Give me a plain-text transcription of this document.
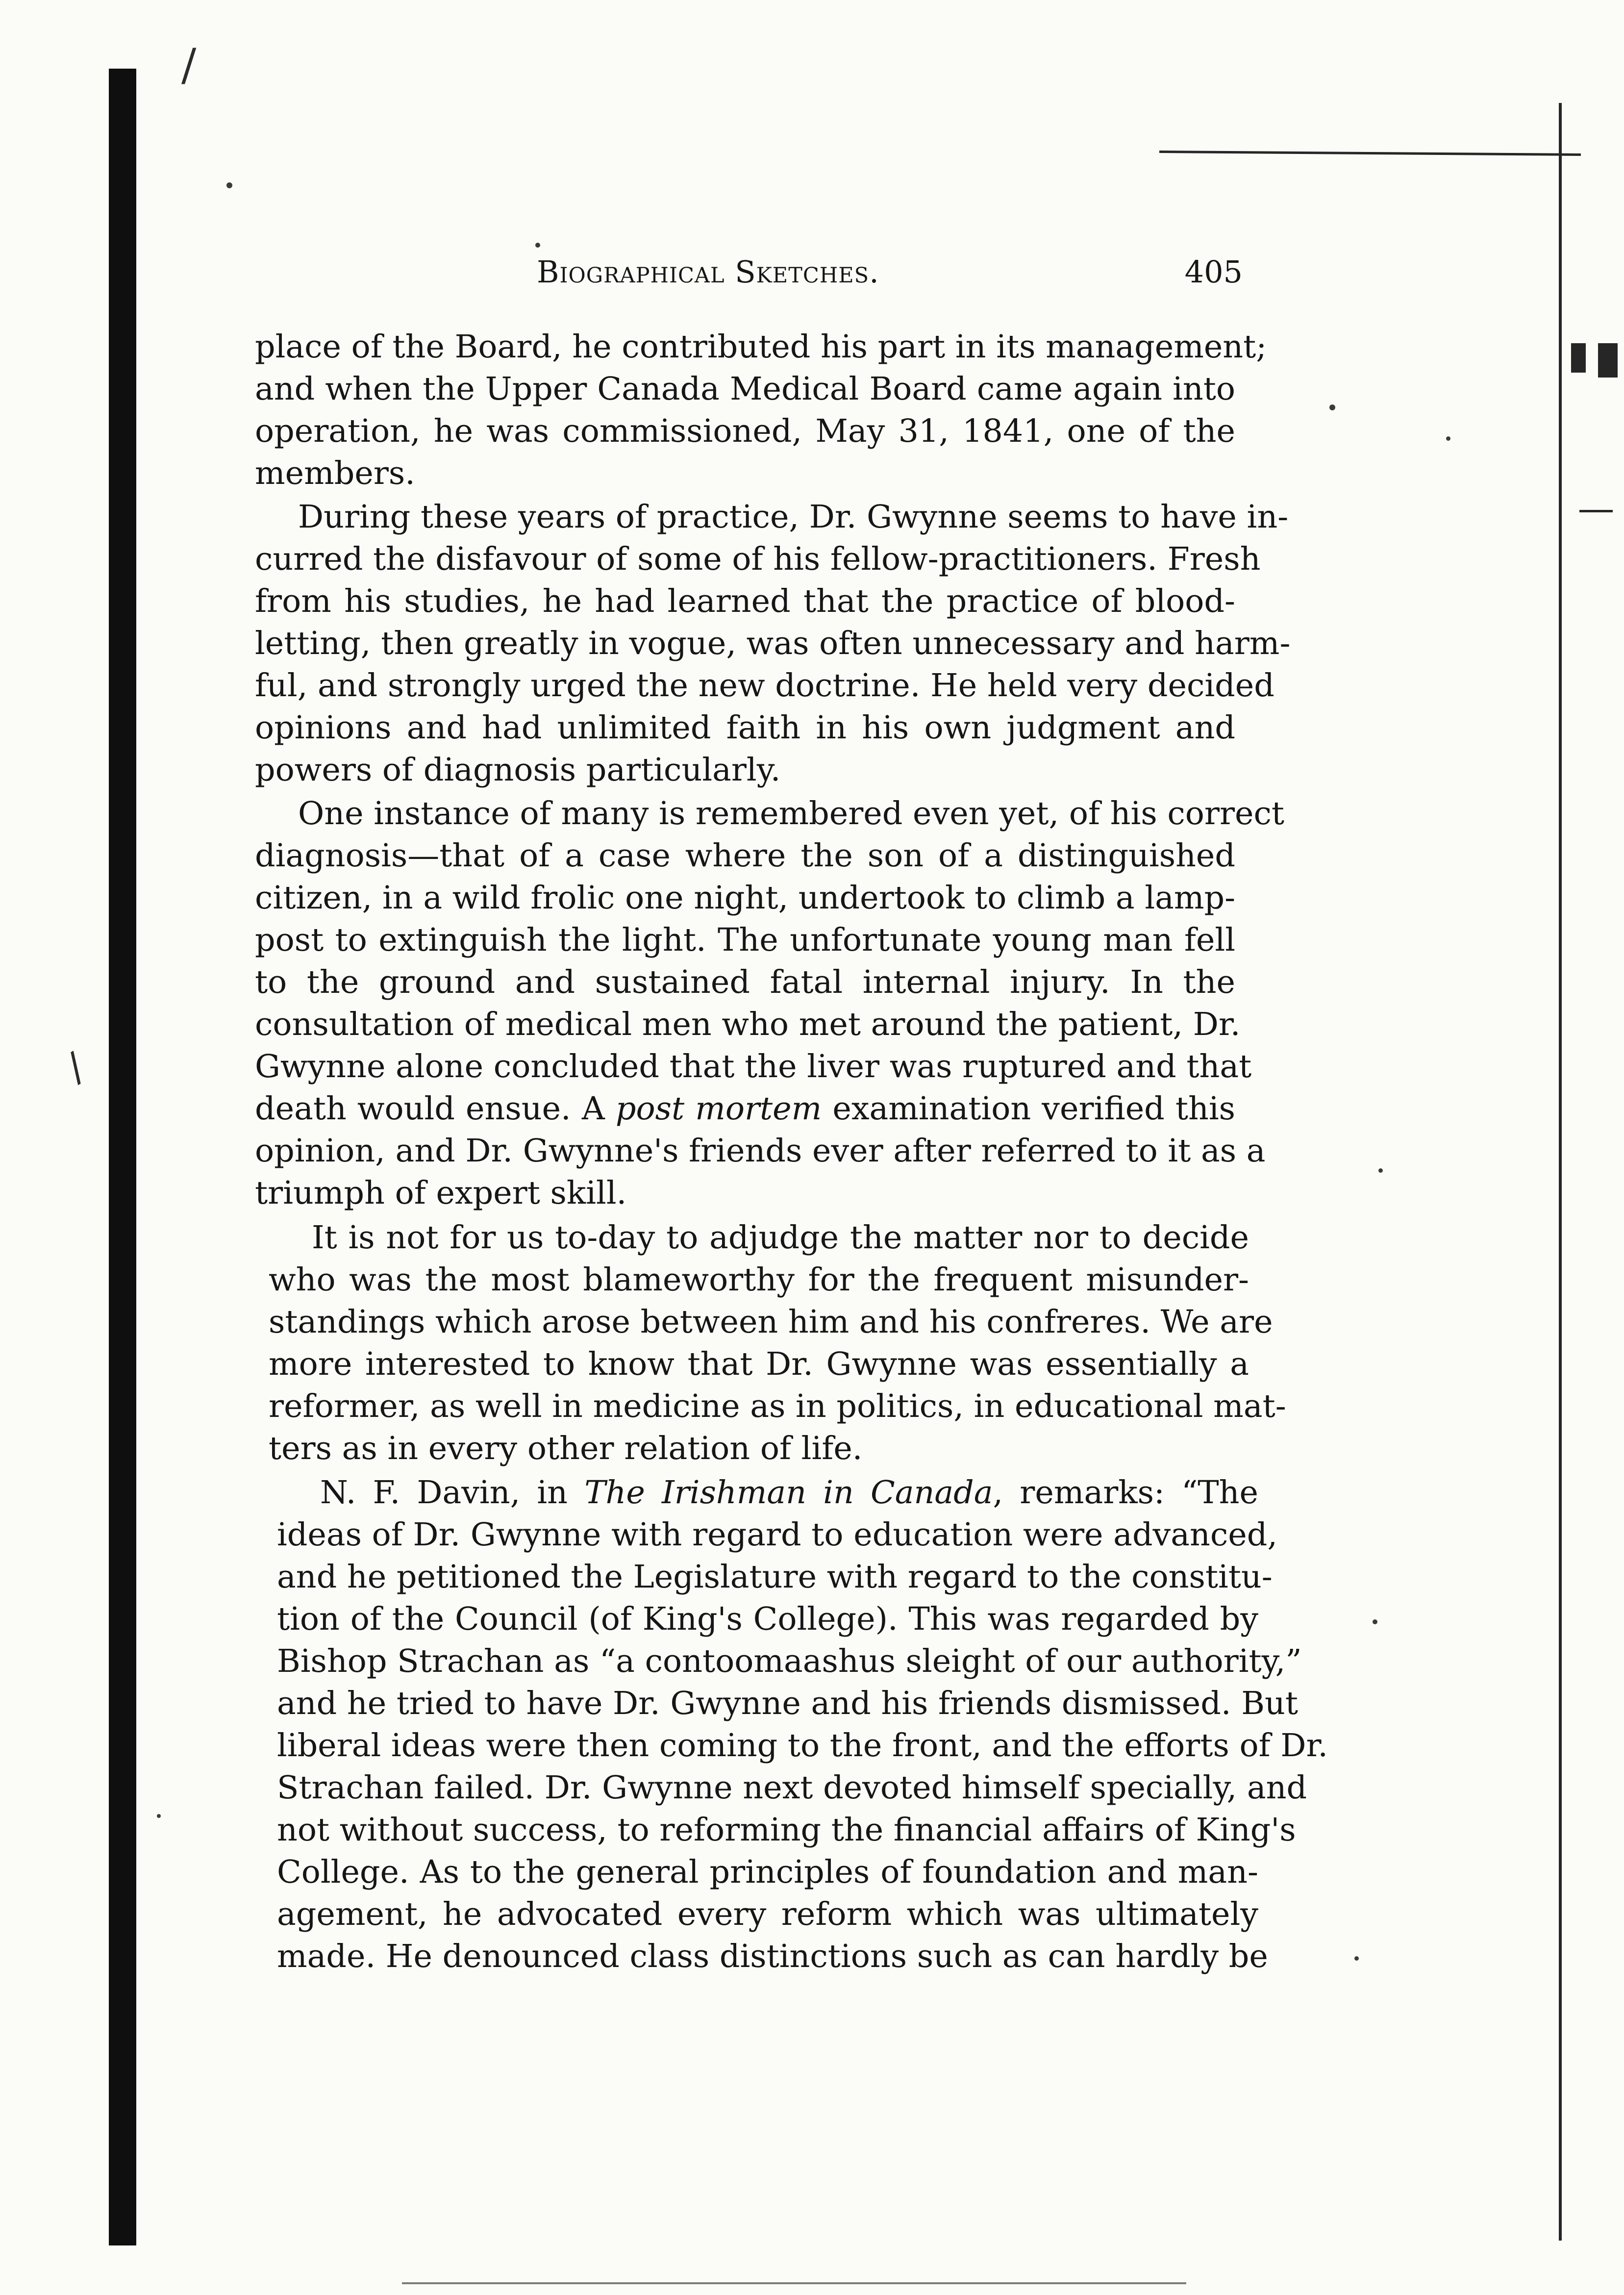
/
/
Biographical Sketches.	405
place of the Board, he contributed his part in its management;
and when the Upper Canada Medical Board came again into
operation, he was commissioned, May 31, 1841, one of the
members.
During these years of practice, Dr. Gwynne seems to have in-
curred the disfavour of some of his fellow-practitioners. Fresh
from his studies, he had learned that the practice of blood-
letting, then greatly in vogue, was often unnecessary and harm-
ful, and strongly urged the new doctrine. He held very decided
opinions and had unlimited faith in his own judgment and
powers of diagnosis particularly.
One instance of many is remembered even yet, of his correct
diagnosis—that of a case where the son of a distinguished
citizen, in a wild frolic one night, undertook to climb a lamp-
post to extinguish the light. The unfortunate young man fell
to the ground and sustained fatal internal injury. In the
consultation of medical men who met around the patient, Dr.
Gwynne alone concluded that the liver was ruptured and that
death would ensue. A post mortem examination verified this
opinion, and Dr. Gwynne's friends ever after referred to it as a
triumph of expert skill.
It is not for us to-day to adjudge the matter nor to decide
who was the most blameworthy for the frequent misunder-
standings which arose between him and his confreres. We are
more interested to know that Dr. Gwynne was essentially a
reformer, as well in medicine as in politics, in educational mat-
ters as in every other relation of life.
N. F. Davin, in The Irishman in Canada, remarks: “The
ideas of Dr. Gwynne with regard to education were advanced,
and he petitioned the Legislature with regard to the constitu-
tion of the Council (of King's College). This was regarded by
Bishop Strachan as “a contoomaashus sleight of our authority,”
and he tried to have Dr. Gwynne and his friends dismissed. But
liberal ideas were then coming to the front, and the efforts of Dr.
Strachan failed. Dr. Gwynne next devoted himself specially, and
not without success, to reforming the financial affairs of King's
College. As to the general principles of foundation and man-
agement, he advocated every reform which was ultimately
made. He denounced class distinctions such as can hardly be
